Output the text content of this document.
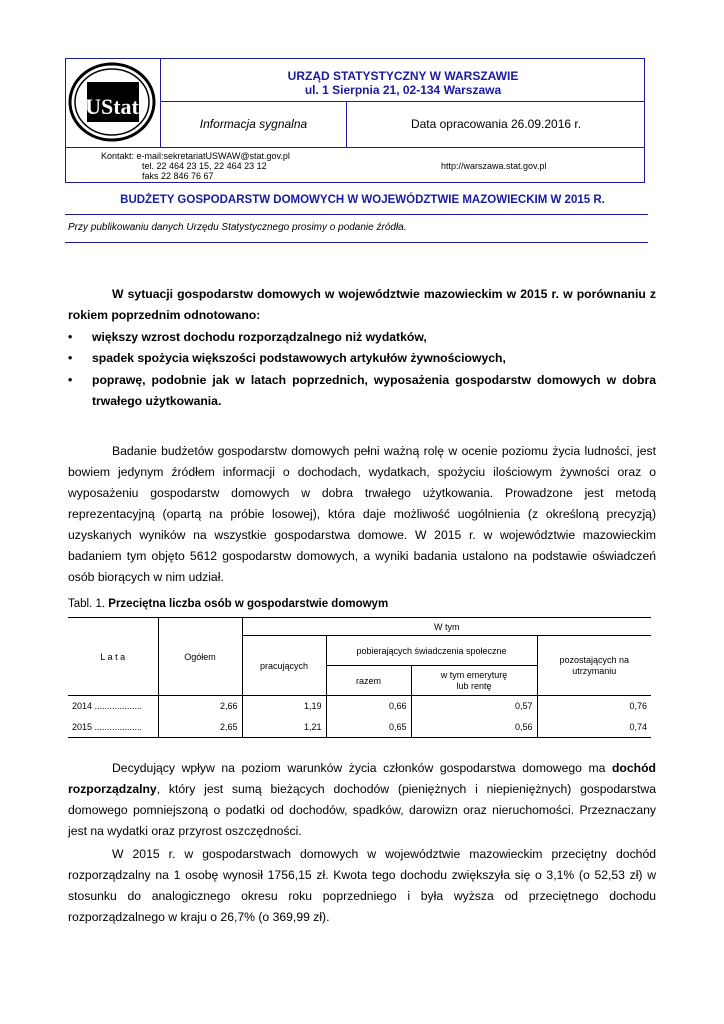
UStat
URZĄD STATYSTYCZNY W WARSZAWIE
ul. 1 Sierpnia 21, 02-134 Warszawa
Informacja sygnalna	Data opracowania 26.09.2016 r.
Kontakt: e-mail:sekretariatUSWAW@stat.gov.pl
tel. 22 464 23 15, 22 464 23 12
faks 22 846 76 67
http://warszawa.stat.gov.pl
BUDŻETY GOSPODARSTW DOMOWYCH W WOJEWÓDZTWIE MAZOWIECKIM W 2015 R.
Przy publikowaniu danych Urzędu Statystycznego prosimy o podanie źródła.

W sytuacji gospodarstw domowych w województwie mazowieckim w 2015 r. w porównaniu z rokiem poprzednim odnotowano:

• większy wzrost dochodu rozporządzalnego niż wydatków,
• spadek spożycia większości podstawowych artykułów żywnościowych,
• poprawę, podobnie jak w latach poprzednich, wyposażenia gospodarstw domowych w dobra trwałego użytkowania.

Badanie budżetów gospodarstw domowych pełni ważną rolę w ocenie poziomu życia ludności, jest bowiem jedynym źródłem informacji o dochodach, wydatkach, spożyciu ilościowym żywności oraz o wyposażeniu gospodarstw domowych w dobra trwałego użytkowania. Prowadzone jest metodą reprezentacyjną (opartą na próbie losowej), która daje możliwość uogólnienia (z określoną precyzją) uzyskanych wyników na wszystkie gospodarstwa domowe. W 2015 r. w województwie mazowieckim badaniem tym objęto 5612 gospodarstw domowych, a wyniki badania ustalono na podstawie oświadczeń osób biorących w nim udział.

Tabl. 1. Przeciętna liczba osób w gospodarstwie domowym
L a t a	Ogółem	W tym			
		pracujących	pobierających świadczenia społeczne		pozostających na
utrzymaniu

			razem	w tym emeryturę
lub rentę	

2014 ...................	2,66	1,19	0,66	0,57	0,76
2015 ...................	2,65	1,21	0,65	0,56	0,74

Decydujący wpływ na poziom warunków życia członków gospodarstwa domowego ma dochód rozporządzalny, który jest sumą bieżących dochodów (pieniężnych i niepieniężnych) gospodarstwa domowego pomniejszoną o podatki od dochodów, spadków, darowizn oraz nieruchomości. Przeznaczany jest na wydatki oraz przyrost oszczędności.

W 2015 r. w gospodarstwach domowych w województwie mazowieckim przeciętny dochód rozporządzalny na 1 osobę wynosił 1756,15 zł. Kwota tego dochodu zwiększyła się o 3,1% (o 52,53 zł) w stosunku do analogicznego okresu roku poprzedniego i była wyższa od przeciętnego dochodu rozporządzalnego w kraju o 26,7% (o 369,99 zł).
